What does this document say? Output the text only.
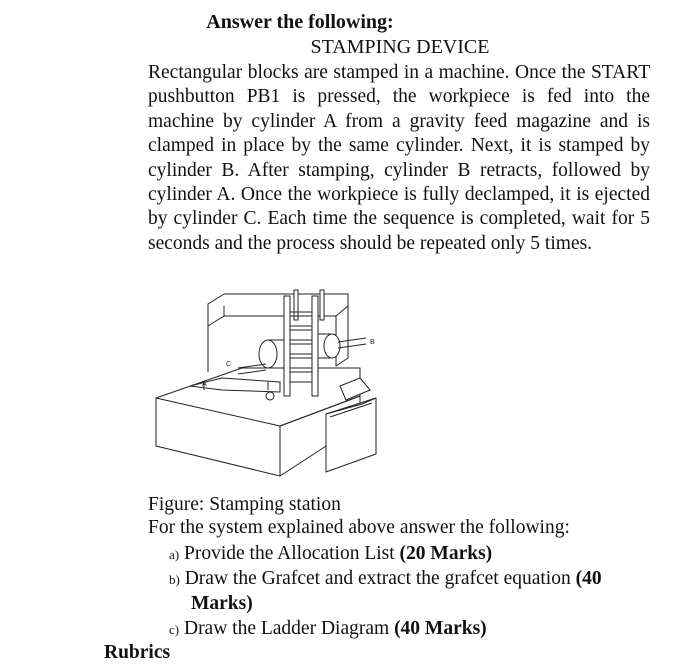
Answer the following:
STAMPING DEVICE

Rectangular blocks are stamped in a machine. Once the START pushbutton PB1 is pressed, the workpiece is fed into the machine by cylinder A from a gravity feed magazine and is clamped in place by the same cylinder. Next, it is stamped by cylinder B. After stamping, cylinder B retracts, followed by cylinder A. Once the workpiece is fully declamped, it is ejected by cylinder C. Each time the sequence is completed, wait for 5 seconds and the process should be repeated only 5 times.

A
B
C
Figure: Stamping station
For the system explained above answer the following:
a) Provide the Allocation List (20 Marks)
b) Draw the Grafcet and extract the grafcet equation (40
Marks)
c) Draw the Ladder Diagram (40 Marks)
Rubrics
